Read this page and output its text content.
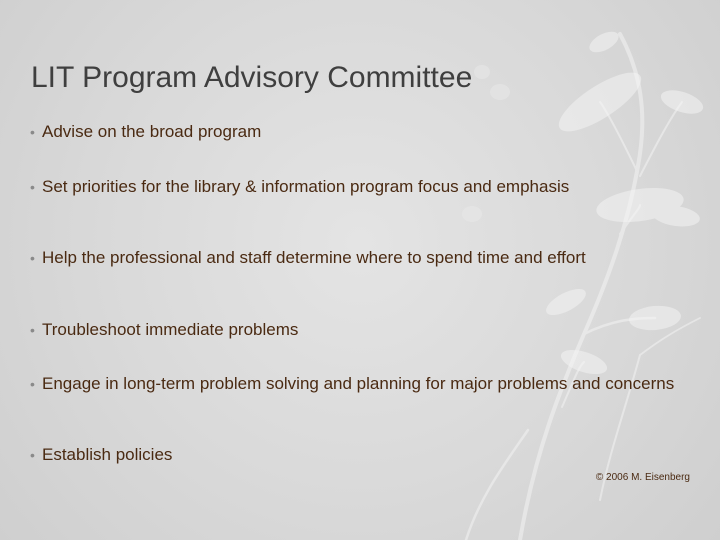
LIT Program Advisory Committee
• Advise on the broad program
• Set priorities for the library & information program focus and emphasis
• Help the professional and staff determine where to spend time and effort
• Troubleshoot immediate problems
• Engage in long-term problem solving and planning for major problems and concerns
• Establish policies
© 2006 M. Eisenberg
